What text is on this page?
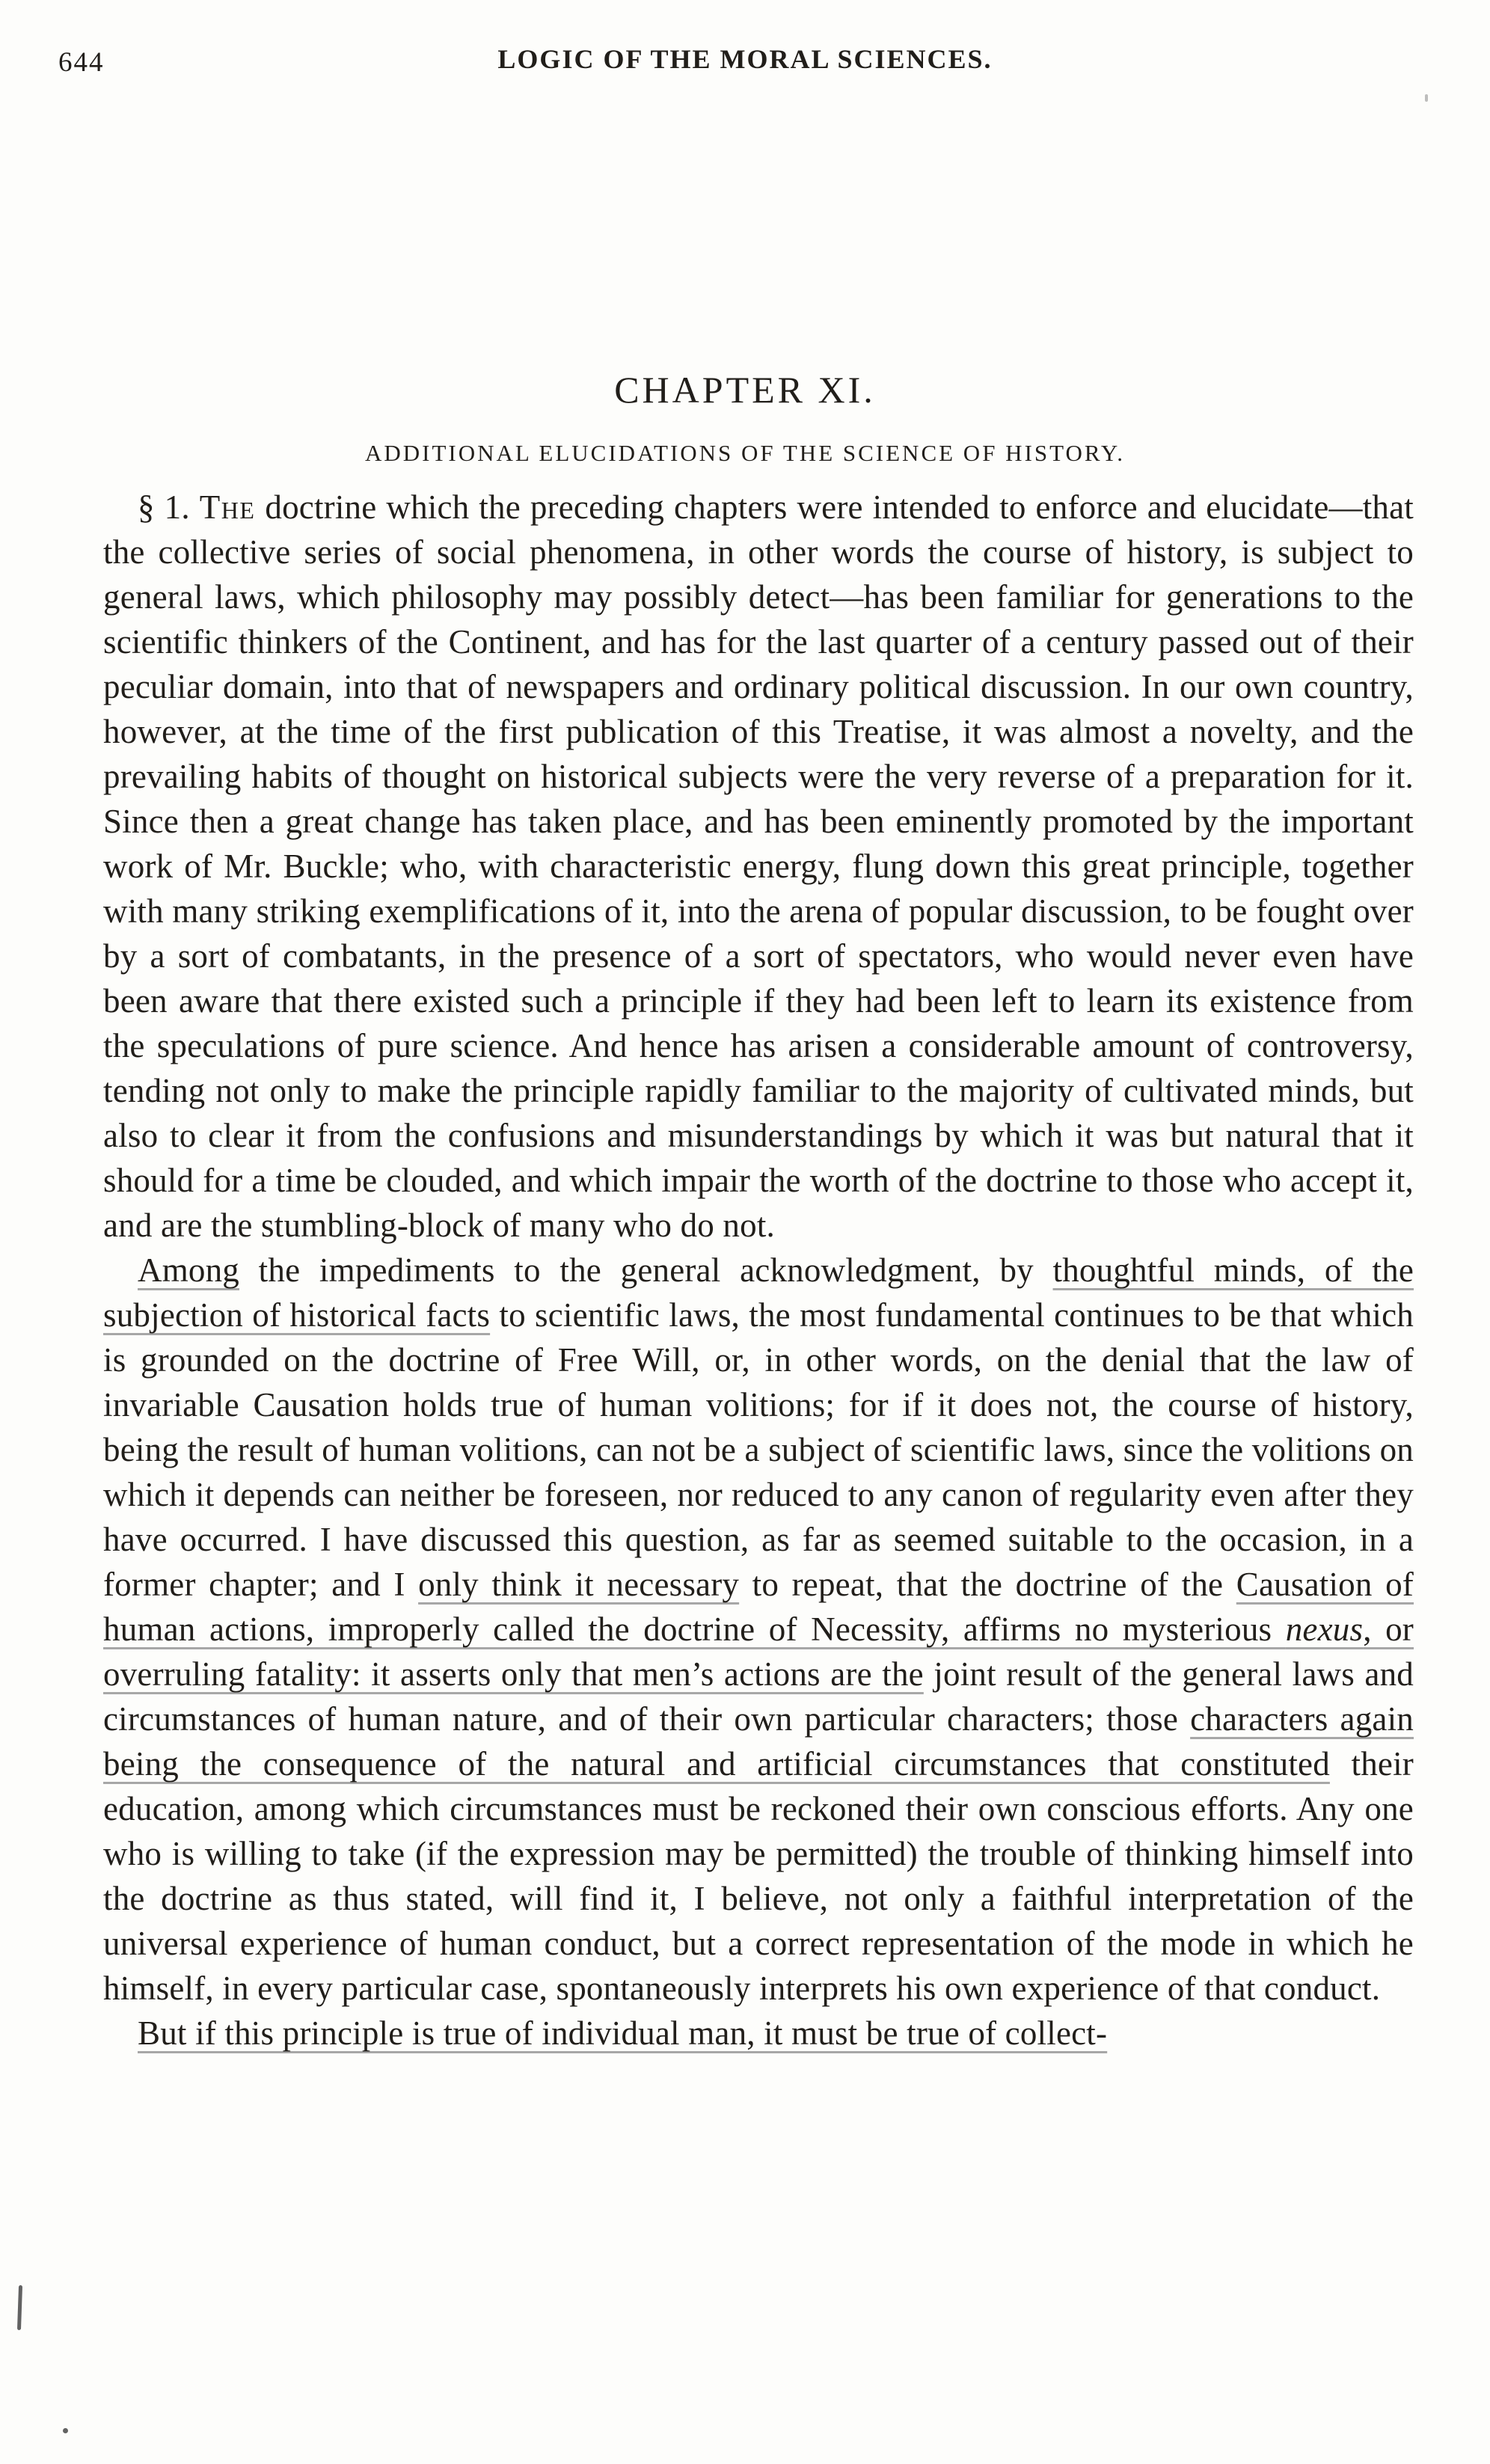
644	LOGIC OF THE MORAL SCIENCES.
CHAPTER XI.
ADDITIONAL ELUCIDATIONS OF THE SCIENCE OF HISTORY.

§ 1. The doctrine which the preceding chapters were intended to enforce and elucidate—that the collective series of social phenomena, in other words the course of history, is subject to general laws, which philosophy may possibly detect—has been familiar for generations to the scientific thinkers of the Continent, and has for the last quarter of a century passed out of their peculiar domain, into that of newspapers and ordinary political discussion. In our own country, however, at the time of the first publication of this Treatise, it was almost a novelty, and the prevailing habits of thought on historical subjects were the very reverse of a preparation for it. Since then a great change has taken place, and has been eminently promoted by the important work of Mr. Buckle; who, with characteristic energy, flung down this great principle, together with many striking exemplifications of it, into the arena of popular discussion, to be fought over by a sort of combatants, in the presence of a sort of spectators, who would never even have been aware that there existed such a principle if they had been left to learn its existence from the speculations of pure science. And hence has arisen a considerable amount of controversy, tending not only to make the principle rapidly familiar to the majority of cultivated minds, but also to clear it from the confusions and misunderstandings by which it was but natural that it should for a time be clouded, and which impair the worth of the doctrine to those who accept it, and are the stumbling-block of many who do not.

Among the impediments to the general acknowledgment, by thoughtful minds, of the subjection of historical facts to scientific laws, the most fundamental continues to be that which is grounded on the doctrine of Free Will, or, in other words, on the denial that the law of invariable Causation holds true of human volitions; for if it does not, the course of history, being the result of human volitions, can not be a subject of scientific laws, since the volitions on which it depends can neither be foreseen, nor reduced to any canon of regularity even after they have occurred. I have discussed this question, as far as seemed suitable to the occasion, in a former chapter; and I only think it necessary to repeat, that the doctrine of the Causation of human actions, improperly called the doctrine of Necessity, affirms no mysterious nexus, or overruling fatality: it asserts only that men’s actions are the joint result of the general laws and circumstances of human nature, and of their own particular characters; those characters again being the consequence of the natural and artificial circumstances that constituted their education, among which circumstances must be reckoned their own conscious efforts. Any one who is willing to take (if the expression may be permitted) the trouble of thinking himself into the doctrine as thus stated, will find it, I believe, not only a faithful interpretation of the universal experience of human conduct, but a correct representation of the mode in which he himself, in every particular case, spontaneously interprets his own experience of that conduct.

But if this principle is true of individual man, it must be true of collect-
